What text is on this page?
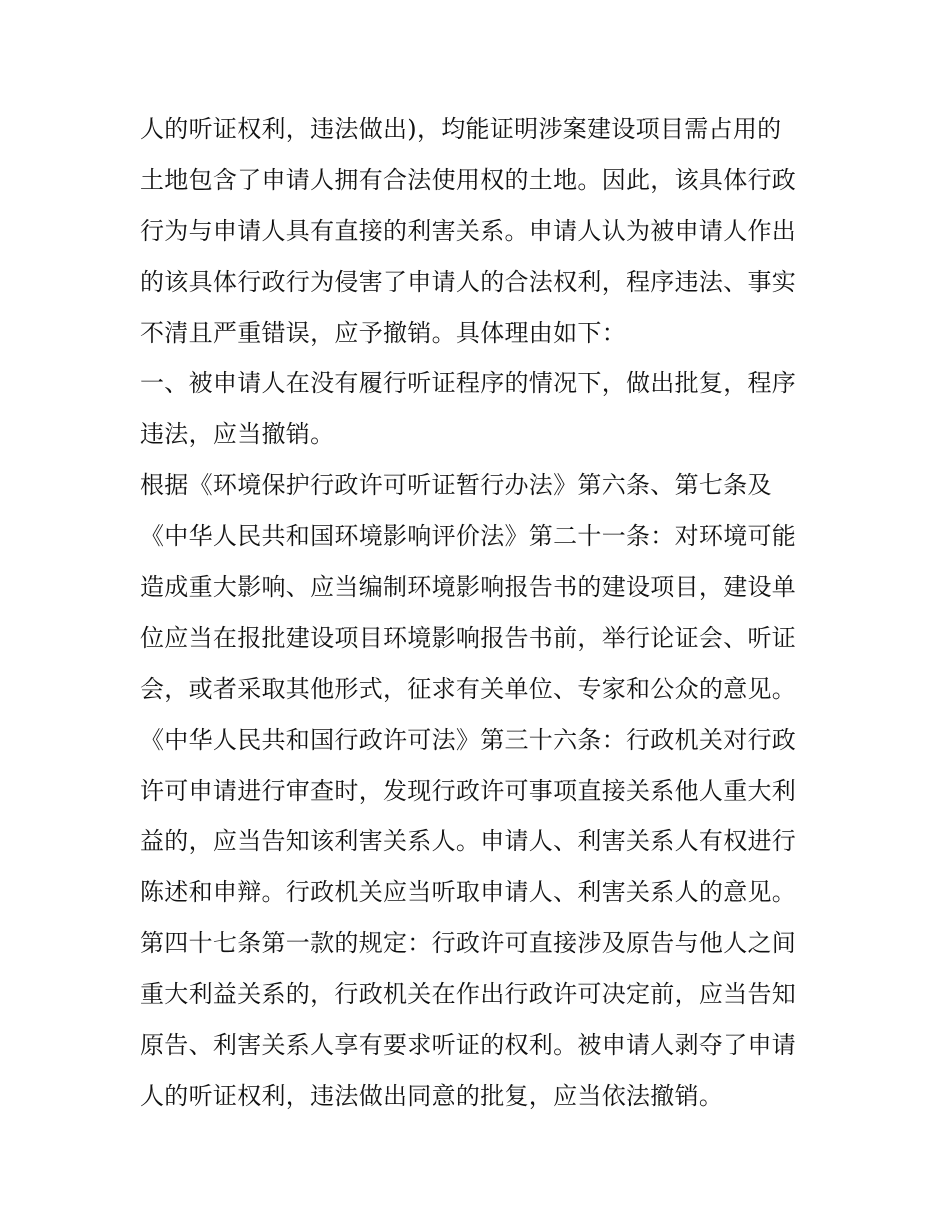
人的听证权利，违法做出)，均能证明涉案建设项目需占用的
土地包含了申请人拥有合法使用权的土地。因此，该具体行政
行为与申请人具有直接的利害关系。申请人认为被申请人作出
的该具体行政行为侵害了申请人的合法权利，程序违法、事实
不清且严重错误，应予撤销。具体理由如下：
一、被申请人在没有履行听证程序的情况下，做出批复，程序
违法，应当撤销。
根据《环境保护行政许可听证暂行办法》第六条、第七条及
《中华人民共和国环境影响评价法》第二十一条：对环境可能
造成重大影响、应当编制环境影响报告书的建设项目，建设单
位应当在报批建设项目环境影响报告书前，举行论证会、听证
会，或者采取其他形式，征求有关单位、专家和公众的意见。
《中华人民共和国行政许可法》第三十六条：行政机关对行政
许可申请进行审查时，发现行政许可事项直接关系他人重大利
益的，应当告知该利害关系人。申请人、利害关系人有权进行
陈述和申辩。行政机关应当听取申请人、利害关系人的意见。
第四十七条第一款的规定：行政许可直接涉及原告与他人之间
重大利益关系的，行政机关在作出行政许可决定前，应当告知
原告、利害关系人享有要求听证的权利。被申请人剥夺了申请
人的听证权利，违法做出同意的批复，应当依法撤销。
